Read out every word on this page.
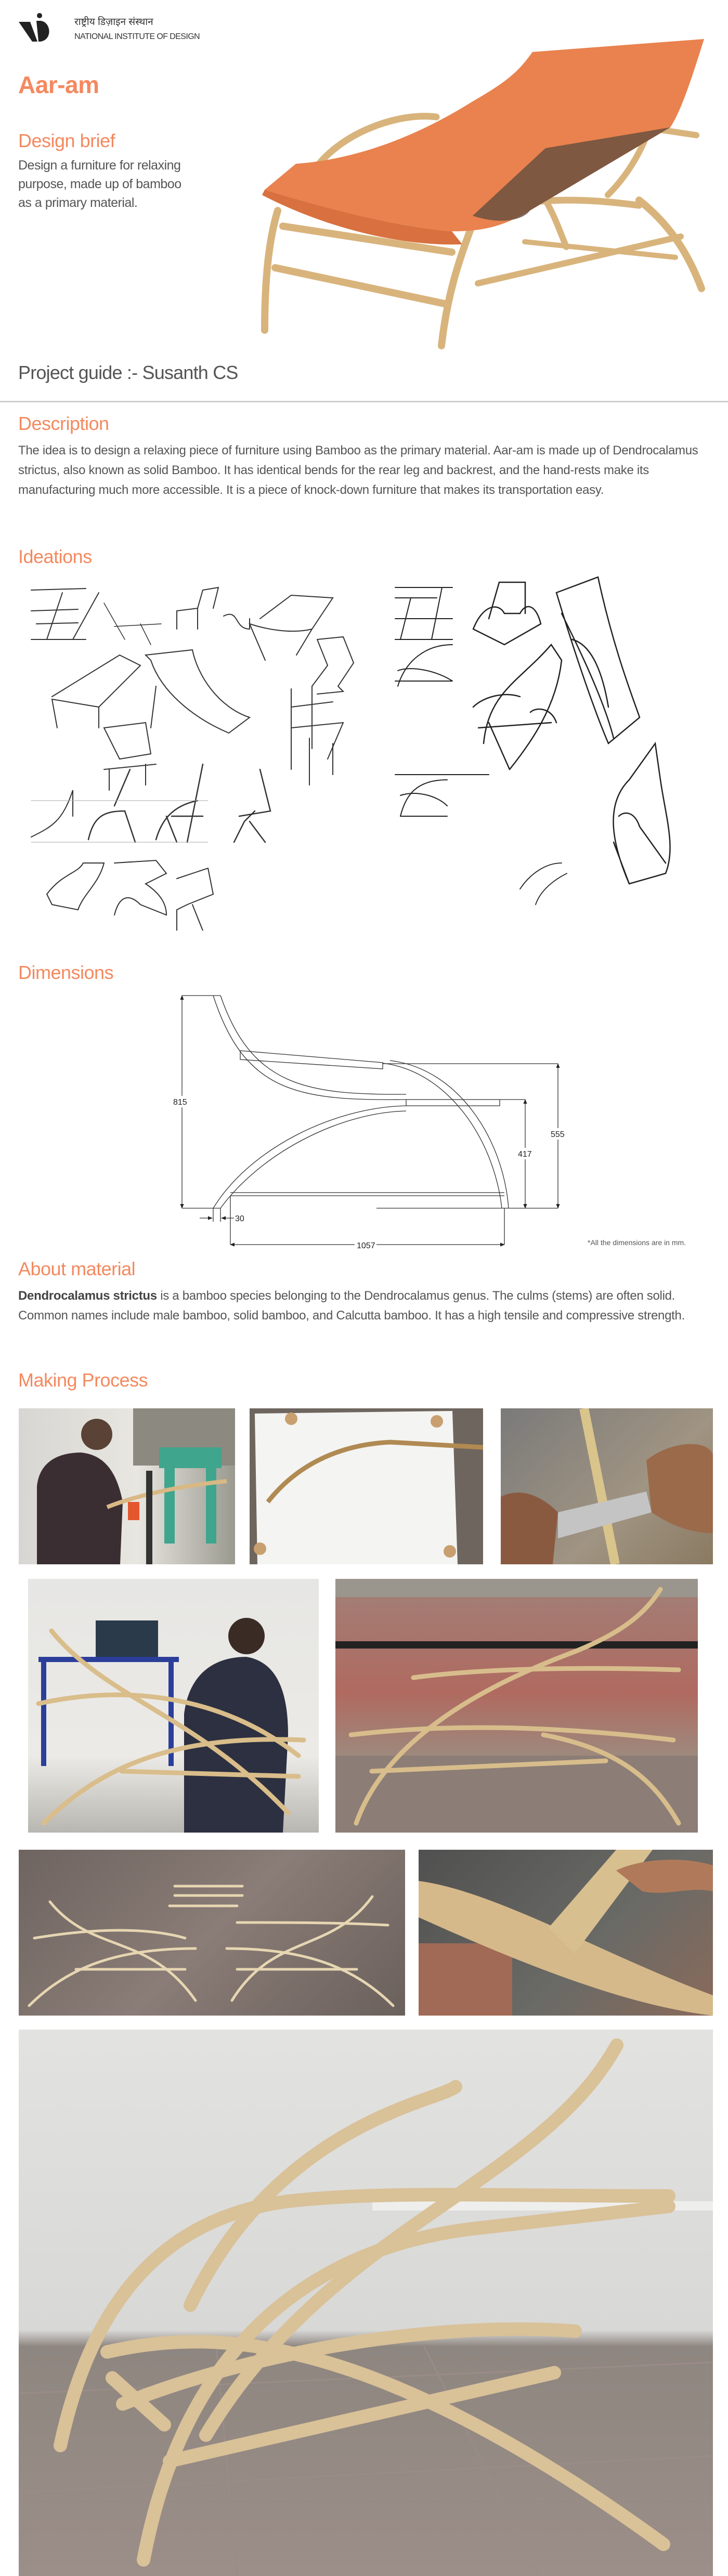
राष्ट्रीय डिज़ाइन संस्थान
NATIONAL INSTITUTE OF DESIGN
Aar-am
Design brief

Design a furniture for relaxing purpose, made up of bamboo as a primary material.

Project guide :- Susanth CS
Description

The idea is to design a relaxing piece of furniture using Bamboo as the primary material. Aar-am is made up of Dendrocalamus strictus, also known as solid Bamboo. It has identical bends for the rear leg and backrest, and the hand-rests make its manufacturing much more accessible. It is a piece of knock-down furniture that makes its transportation easy.

Ideations
Dimensions
815
555
417
1057
30
*All the dimensions are in mm.
About material

Dendrocalamus strictus is a bamboo species belonging to the Dendrocalamus genus. The culms (stems) are often solid. Common names include male bamboo, solid bamboo, and Calcutta bamboo. It has a high tensile and compressive strength.

Making Process
